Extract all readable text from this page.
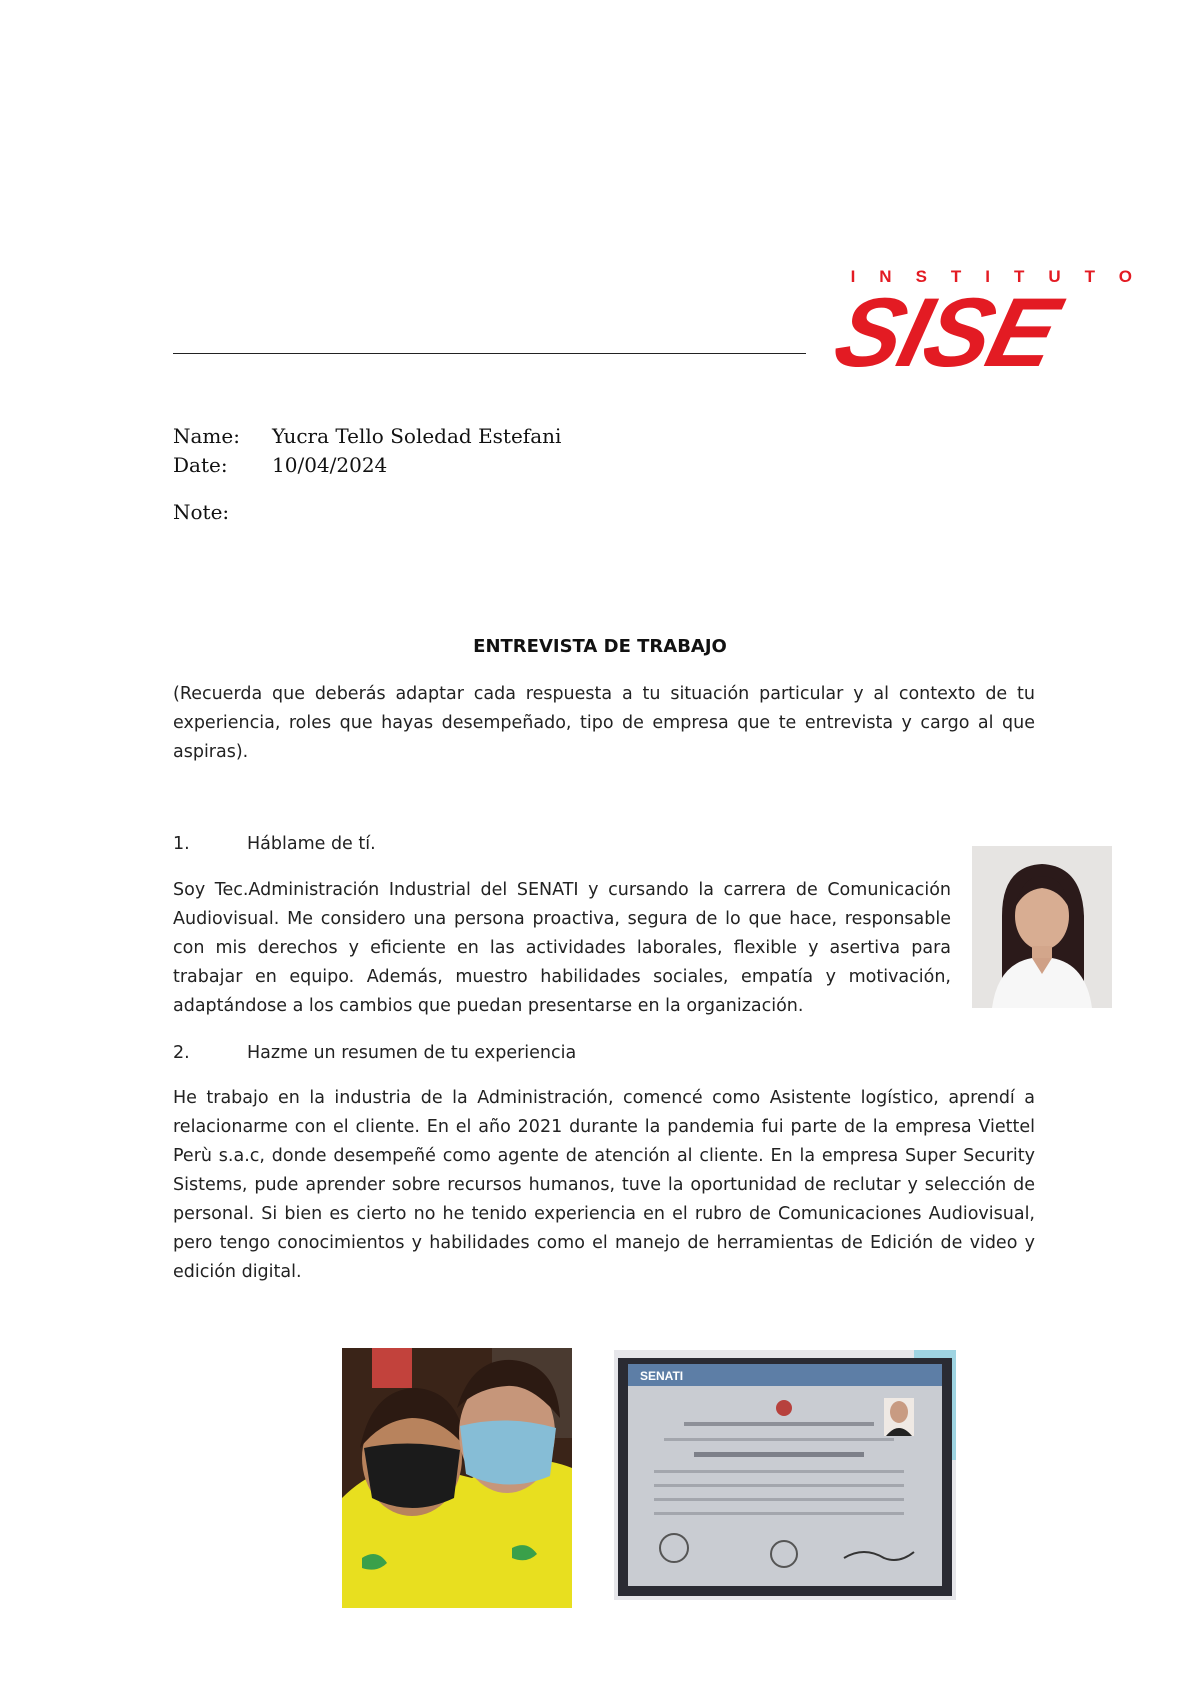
INSTITUTO
SISE
Name: Yucra Tello Soledad Estefani
Date: 10/04/2024
Note:
ENTREVISTA DE TRABAJO
(Recuerda que deberás adaptar cada respuesta a tu situación particular y al contexto de tu experiencia, roles que hayas desempeñado, tipo de empresa que te entrevista y cargo al que aspiras).
1.	Háblame de tí.
Soy Tec.Administración Industrial del SENATI y cursando la carrera de Comunicación Audiovisual. Me considero una persona proactiva, segura de lo que hace, responsable con mis derechos y eficiente en las actividades laborales, flexible y asertiva para trabajar en equipo. Además, muestro habilidades sociales, empatía y motivación, adaptándose a los cambios que puedan presentarse en la organización.
2.	Hazme un resumen de tu experiencia
He trabajo en la industria de la Administración, comencé como Asistente logístico, aprendí a relacionarme con el cliente. En el año 2021 durante la pandemia fui parte de la empresa Viettel Perù s.a.c, donde desempeñé como agente de atención al cliente. En la empresa Super Security Sistems, pude aprender sobre recursos humanos, tuve la oportunidad de reclutar y selección de personal. Si bien es cierto no he tenido experiencia en el rubro de Comunicaciones Audiovisual, pero tengo conocimientos y habilidades como el manejo de herramientas de Edición de video y edición digital.
SENATI
